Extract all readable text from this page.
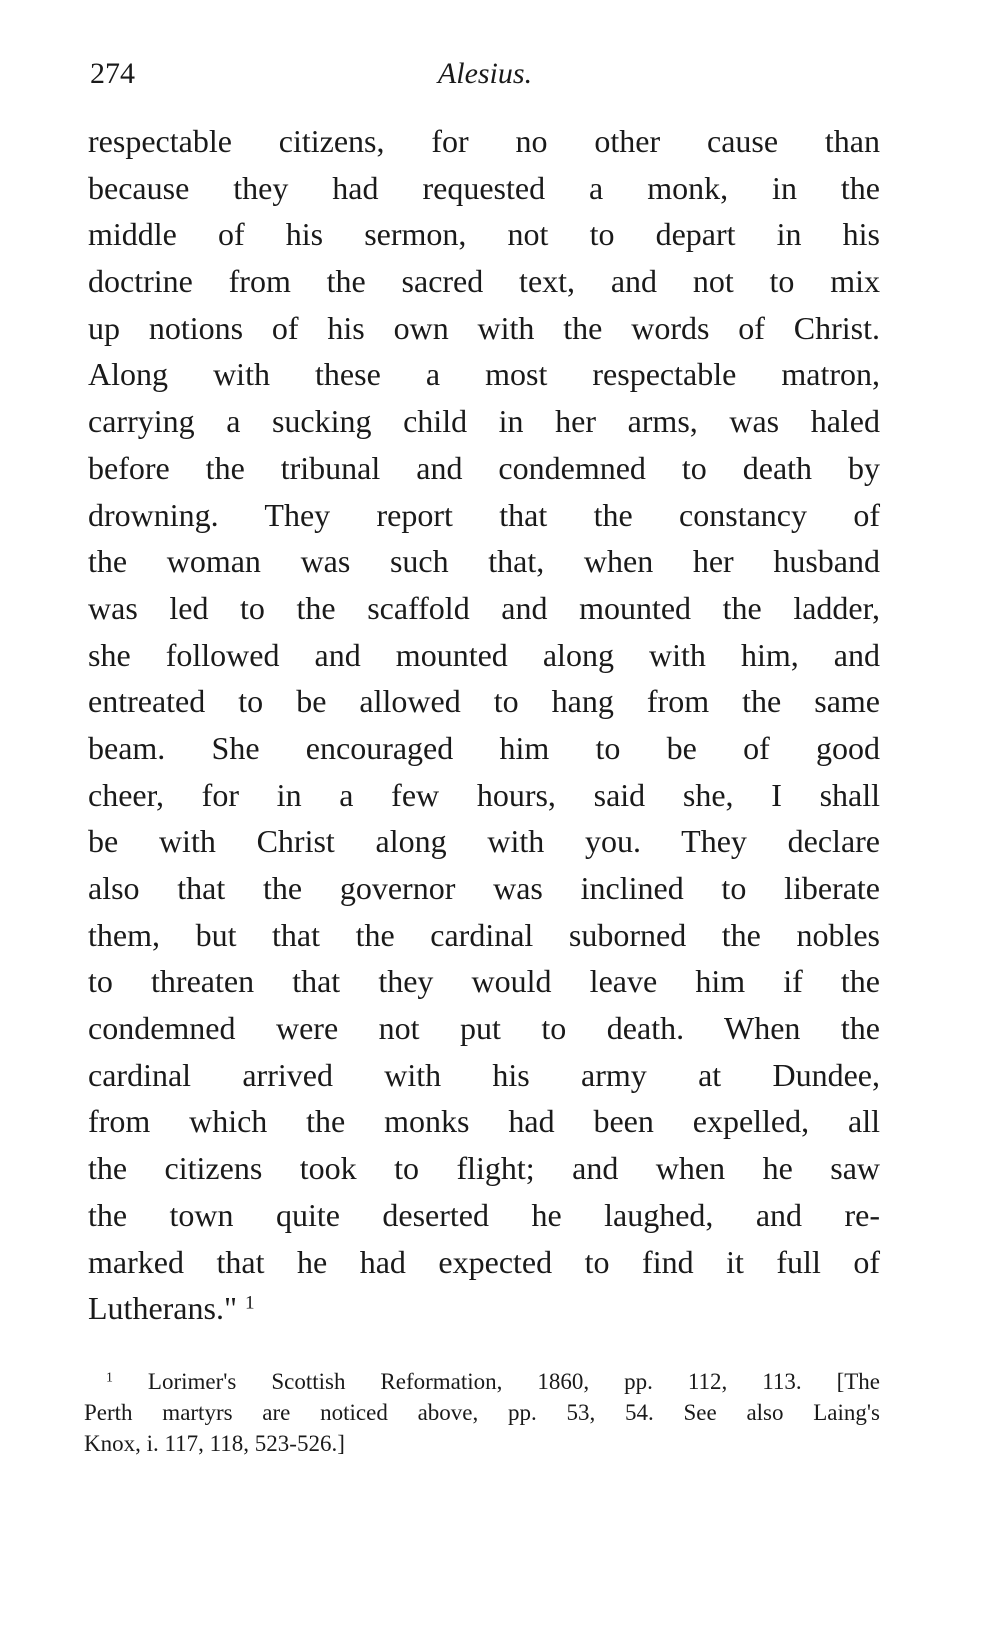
274	Alesius.
respectable citizens, for no other cause than
because they had requested a monk, in the
middle of his sermon, not to depart in his
doctrine from the sacred text, and not to mix
up notions of his own with the words of Christ.
Along with these a most respectable matron,
carrying a sucking child in her arms, was haled
before the tribunal and condemned to death by
drowning. They report that the constancy of
the woman was such that, when her husband
was led to the scaffold and mounted the ladder,
she followed and mounted along with him, and
entreated to be allowed to hang from the same
beam. She encouraged him to be of good
cheer, for in a few hours, said she, I shall
be with Christ along with you. They declare
also that the governor was inclined to liberate
them, but that the cardinal suborned the nobles
to threaten that they would leave him if the
condemned were not put to death. When the
cardinal arrived with his army at Dundee,
from which the monks had been expelled, all
the citizens took to flight; and when he saw
the town quite deserted he laughed, and re-
marked that he had expected to find it full of
Lutherans." $^1$
$^1$ Lorimer's Scottish Reformation, 1860, pp. 112, 113. [The
Perth martyrs are noticed above, pp. 53, 54. See also Laing's
Knox, i. 117, 118, 523-526.]
